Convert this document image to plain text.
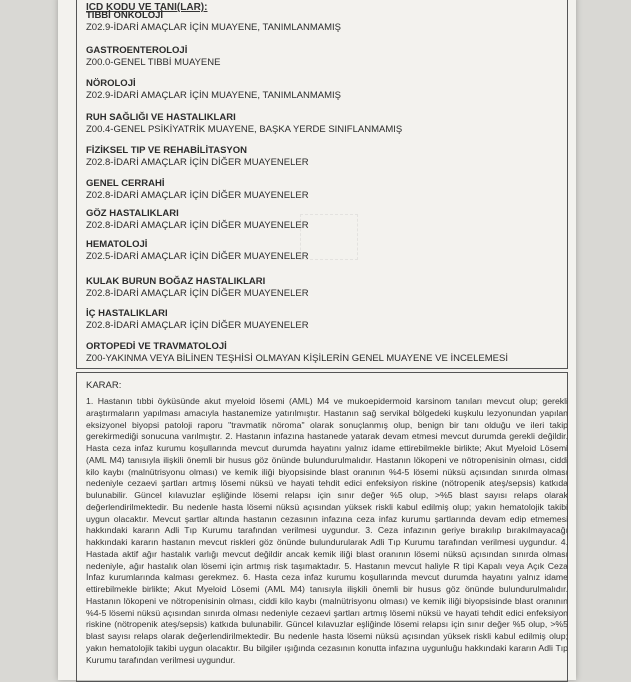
ICD KODU VE TANI(LAR):
TIBBİ ONKOLOJİ
Z02.9-İDARİ AMAÇLAR İÇİN MUAYENE, TANIMLANMAMIŞ
GASTROENTEROLOJİ
Z00.0-GENEL TIBBİ MUAYENE
NÖROLOJİ
Z02.9-İDARİ AMAÇLAR İÇİN MUAYENE, TANIMLANMAMIŞ
RUH SAĞLIĞI VE HASTALIKLARI
Z00.4-GENEL PSİKİYATRİK MUAYENE, BAŞKA YERDE SINIFLANMAMIŞ
FİZİKSEL TIP VE REHABİLİTASYON
Z02.8-İDARİ AMAÇLAR İÇİN DİĞER MUAYENELER
GENEL CERRAHİ
Z02.8-İDARİ AMAÇLAR İÇİN DİĞER MUAYENELER
GÖZ HASTALIKLARI
Z02.8-İDARİ AMAÇLAR İÇİN DİĞER MUAYENELER
HEMATOLOJİ
Z02.5-İDARİ AMAÇLAR İÇİN DİĞER MUAYENELER
KULAK BURUN BOĞAZ HASTALIKLARI
Z02.8-İDARİ AMAÇLAR İÇİN DİĞER MUAYENELER
İÇ HASTALIKLARI
Z02.8-İDARİ AMAÇLAR İÇİN DİĞER MUAYENELER
ORTOPEDİ VE TRAVMATOLOJİ
Z00-YAKINMA VEYA BİLİNEN TEŞHİSİ OLMAYAN KİŞİLERİN GENEL MUAYENE VE İNCELEMESİ
KARAR:
1. Hastanın tıbbi öyküsünde akut myeloid lösemi (AML) M4 ve mukoepidermoid karsinom tanıları mevcut olup; gerekli araştırmaların yapılması amacıyla hastanemize yatırılmıştır. Hastanın sağ servikal bölgedeki kuşkulu lezyonundan yapılan eksizyonel biyopsi patoloji raporu "travmatik nöroma" olarak sonuçlanmış olup, benign bir tanı olduğu ve ileri takip gerekirmediği sonucuna varılmıştır. 2. Hastanın infazına hastanede yatarak devam etmesi mevcut durumda gerekli değildir. Hasta ceza infaz kurumu koşullarında mevcut durumda hayatını yalnız idame ettirebilmekle birlikte; Akut Myeloid Lösemi (AML M4) tanısıyla ilişkili önemli bir husus göz önünde bulundurulmalıdır. Hastanın lökopeni ve nötropenisinin olması, ciddi kilo kaybı (malnütrisyonu olması) ve kemik iliği biyopsisinde blast oranının %4-5 lösemi nüksü açısından sınırda olması nedeniyle cezaevi şartları artmış lösemi nüksü ve hayati tehdit edici enfeksiyon riskine (nötropenik ateş/sepsis) katkıda bulunabilir. Güncel kılavuzlar eşliğinde lösemi relapsı için sınır değer %5 olup, >%5 blast sayısı relaps olarak değerlendirilmektedir. Bu nedenle hasta lösemi nüksü açısından yüksek riskli kabul edilmiş olup; yakın hematolojik takibi uygun olacaktır. Mevcut şartlar altında hastanın cezasının infazına ceza infaz kurumu şartlarında devam edip etmemesi hakkındaki kararın Adli Tıp Kurumu tarafından verilmesi uygundur. 3. Ceza infazının geriye bırakılıp bırakılmayacağı hakkındaki kararın hastanın mevcut riskleri göz önünde bulundurularak Adli Tıp Kurumu tarafından verilmesi uygundur. 4. Hastada aktif ağır hastalık varlığı mevcut değildir ancak kemik iliği blast oranının lösemi nüksü açısından sınırda olması nedeniyle, ağır hastalık olan lösemi için artmış risk taşımaktadır. 5. Hastanın mevcut haliyle R tipi Kapalı veya Açık Ceza İnfaz kurumlarında kalması gerekmez. 6. Hasta ceza infaz kurumu koşullarında mevcut durumda hayatını yalnız idame ettirebilmekle birlikte; Akut Myeloid Lösemi (AML M4) tanısıyla ilişkili önemli bir husus göz önünde bulundurulmalıdır. Hastanın lökopeni ve nötropenisinin olması, ciddi kilo kaybı (malnütrisyonu olması) ve kemik iliği biyopsisinde blast oranının %4-5 lösemi nüksü açısından sınırda olması nedeniyle cezaevi şartları artmış lösemi nüksü ve hayati tehdit edici enfeksiyon riskine (nötropenik ateş/sepsis) katkıda bulunabilir. Güncel kılavuzlar eşliğinde lösemi relapsı için sınır değer %5 olup, >%5 blast sayısı relaps olarak değerlendirilmektedir. Bu nedenle hasta lösemi nüksü açısından yüksek riskli kabul edilmiş olup; yakın hematolojik takibi uygun olacaktır. Bu bilgiler ışığında cezasının konutta infazına uygunluğu hakkındaki kararın Adli Tıp Kurumu tarafından verilmesi uygundur.
